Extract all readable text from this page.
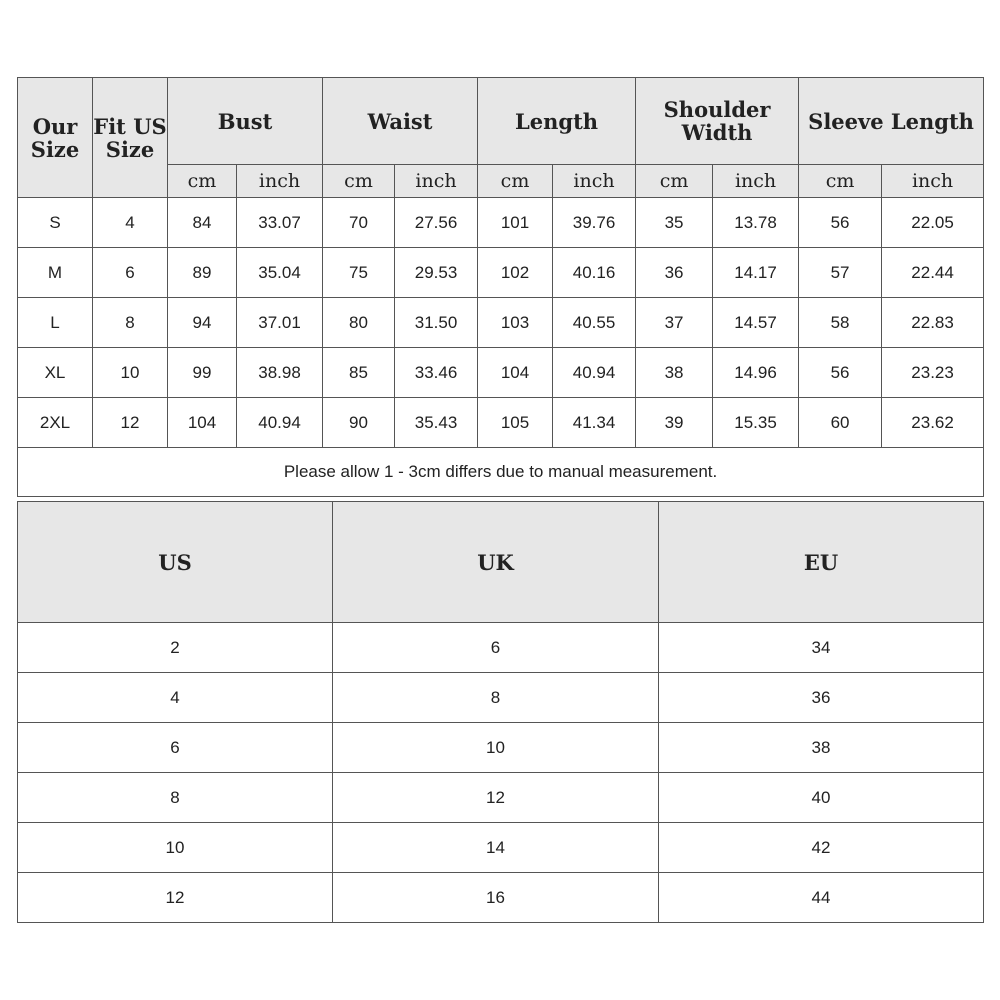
Our Size	Fit US Size	Bust		Waist		Length		Shoulder Width		Sleeve Length	
		cm	inch	cm	inch	cm	inch	cm	inch	cm	inch
S	4	84	33.07	70	27.56	101	39.76	35	13.78	56	22.05
M	6	89	35.04	75	29.53	102	40.16	36	14.17	57	22.44
L	8	94	37.01	80	31.50	103	40.55	37	14.57	58	22.83
XL	10	99	38.98	85	33.46	104	40.94	38	14.96	56	23.23
2XL	12	104	40.94	90	35.43	105	41.34	39	15.35	60	23.62
Please allow 1 - 3cm differs due to manual measurement.											
US	UK	EU
2	6	34
4	8	36
6	10	38
8	12	40
10	14	42
12	16	44
